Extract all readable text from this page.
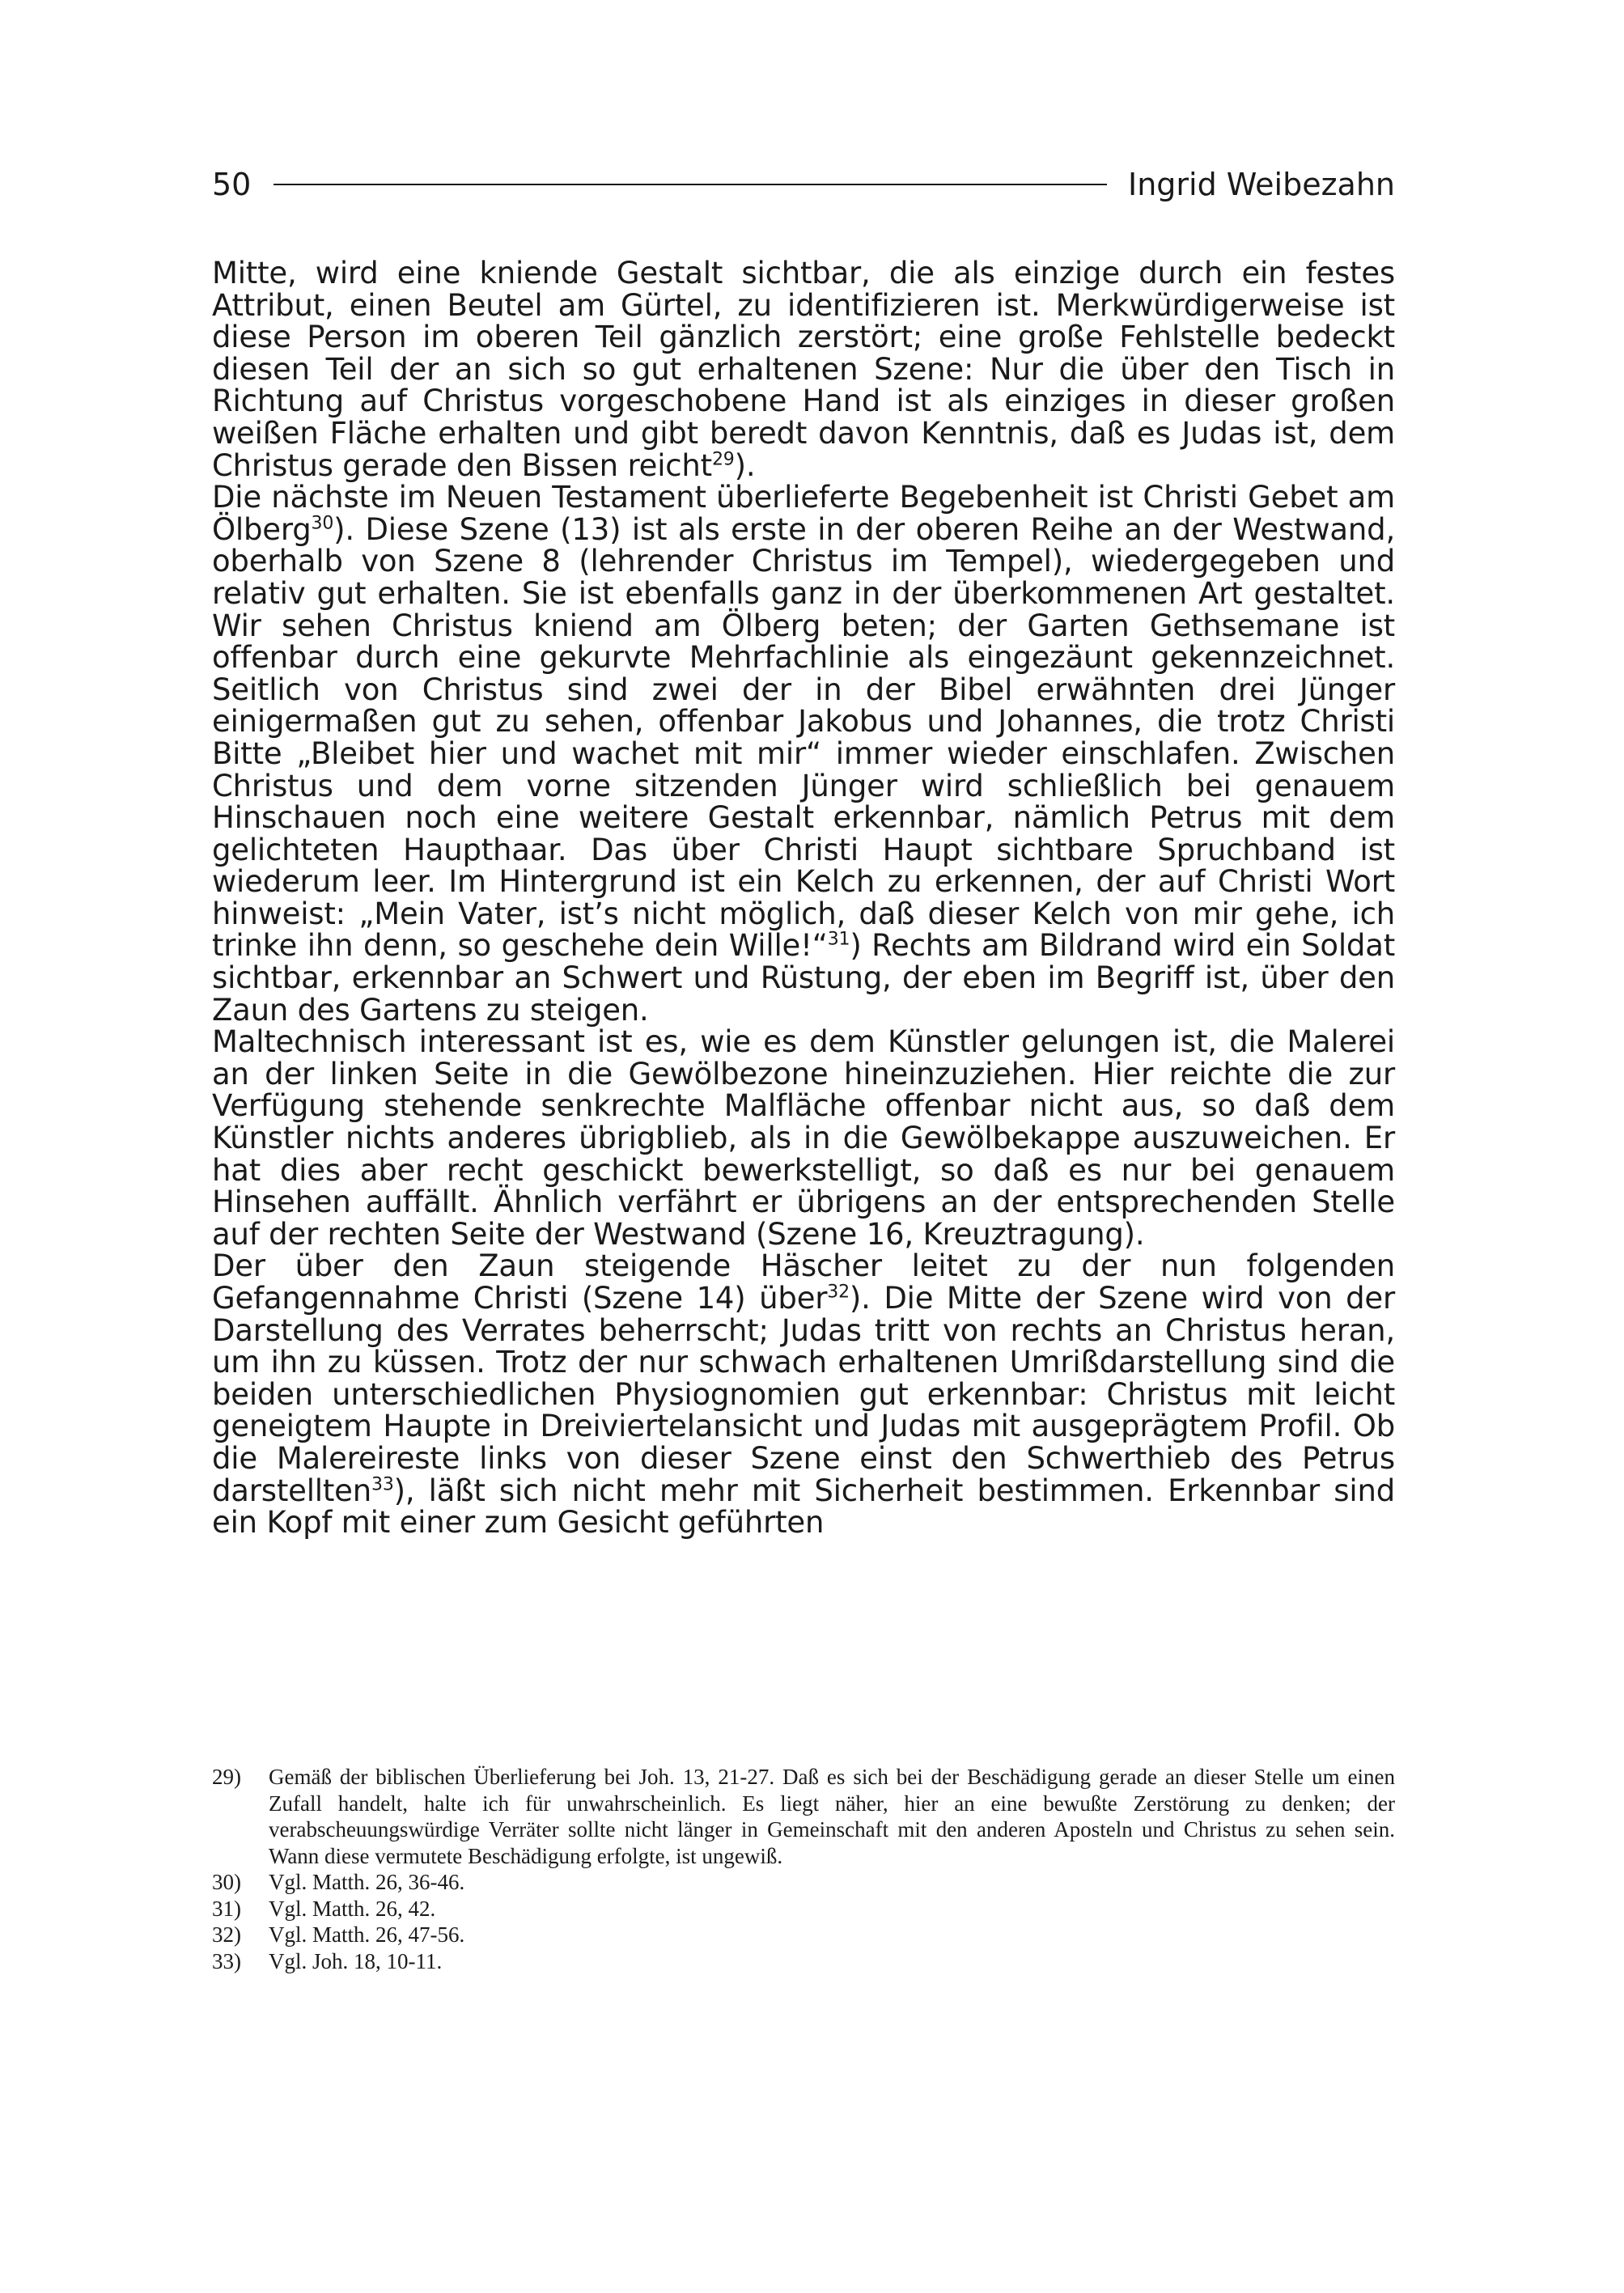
50	Ingrid Weibezahn

Mitte, wird eine kniende Gestalt sichtbar, die als einzige durch ein festes Attribut, einen Beutel am Gürtel, zu identifizieren ist. Merkwürdigerweise ist diese Person im oberen Teil gänzlich zerstört; eine große Fehlstelle bedeckt diesen Teil der an sich so gut erhaltenen Szene: Nur die über den Tisch in Richtung auf Christus vorgeschobene Hand ist als einziges in dieser großen weißen Fläche erhalten und gibt beredt davon Kenntnis, daß es Judas ist, dem Christus gerade den Bissen reicht$^{29}$).

Die nächste im Neuen Testament überlieferte Begebenheit ist Christi Gebet am Ölberg$^{30}$). Diese Szene (13) ist als erste in der oberen Reihe an der Westwand, oberhalb von Szene 8 (lehrender Christus im Tempel), wiedergegeben und relativ gut erhalten. Sie ist ebenfalls ganz in der überkommenen Art gestaltet. Wir sehen Christus kniend am Ölberg beten; der Garten Gethsemane ist offenbar durch eine gekurvte Mehrfachlinie als eingezäunt gekennzeichnet. Seitlich von Christus sind zwei der in der Bibel erwähnten drei Jünger einigermaßen gut zu sehen, offenbar Jakobus und Johannes, die trotz Christi Bitte „Bleibet hier und wachet mit mir“ immer wieder einschlafen. Zwischen Christus und dem vorne sitzenden Jünger wird schließlich bei genauem Hinschauen noch eine weitere Gestalt erkennbar, nämlich Petrus mit dem gelichteten Haupthaar. Das über Christi Haupt sichtbare Spruchband ist wiederum leer. Im Hintergrund ist ein Kelch zu erkennen, der auf Christi Wort hinweist: „Mein Vater, ist’s nicht möglich, daß dieser Kelch von mir gehe, ich trinke ihn denn, so geschehe dein Wille!“$^{31}$) Rechts am Bildrand wird ein Soldat sichtbar, erkennbar an Schwert und Rüstung, der eben im Begriff ist, über den Zaun des Gartens zu steigen.

Maltechnisch interessant ist es, wie es dem Künstler gelungen ist, die Malerei an der linken Seite in die Gewölbezone hineinzuziehen. Hier reichte die zur Verfügung stehende senkrechte Malfläche offenbar nicht aus, so daß dem Künstler nichts anderes übrigblieb, als in die Gewölbekappe auszuweichen. Er hat dies aber recht geschickt bewerkstelligt, so daß es nur bei genauem Hinsehen auffällt. Ähnlich verfährt er übrigens an der entsprechenden Stelle auf der rechten Seite der Westwand (Szene 16, Kreuztragung).

Der über den Zaun steigende Häscher leitet zu der nun folgenden Gefangennahme Christi (Szene 14) über$^{32}$). Die Mitte der Szene wird von der Darstellung des Verrates beherrscht; Judas tritt von rechts an Christus heran, um ihn zu küssen. Trotz der nur schwach erhaltenen Umrißdarstellung sind die beiden unterschiedlichen Physiognomien gut erkennbar: Christus mit leicht geneigtem Haupte in Dreiviertelansicht und Judas mit ausgeprägtem Profil. Ob die Malereireste links von dieser Szene einst den Schwerthieb des Petrus darstellten$^{33}$), läßt sich nicht mehr mit Sicherheit bestimmen. Erkennbar sind ein Kopf mit einer zum Gesicht geführten

29)	Gemäß der biblischen Überlieferung bei Joh. 13, 21-27. Daß es sich bei der Beschädigung gerade an dieser Stelle um einen Zufall handelt, halte ich für unwahrscheinlich. Es liegt näher, hier an eine bewußte Zerstörung zu denken; der verabscheuungswürdige Verräter sollte nicht länger in Gemeinschaft mit den anderen Aposteln und Christus zu sehen sein. Wann diese vermutete Beschädigung erfolgte, ist ungewiß.
30)	Vgl. Matth. 26, 36-46.
31)	Vgl. Matth. 26, 42.
32)	Vgl. Matth. 26, 47-56.
33)	Vgl. Joh. 18, 10-11.
